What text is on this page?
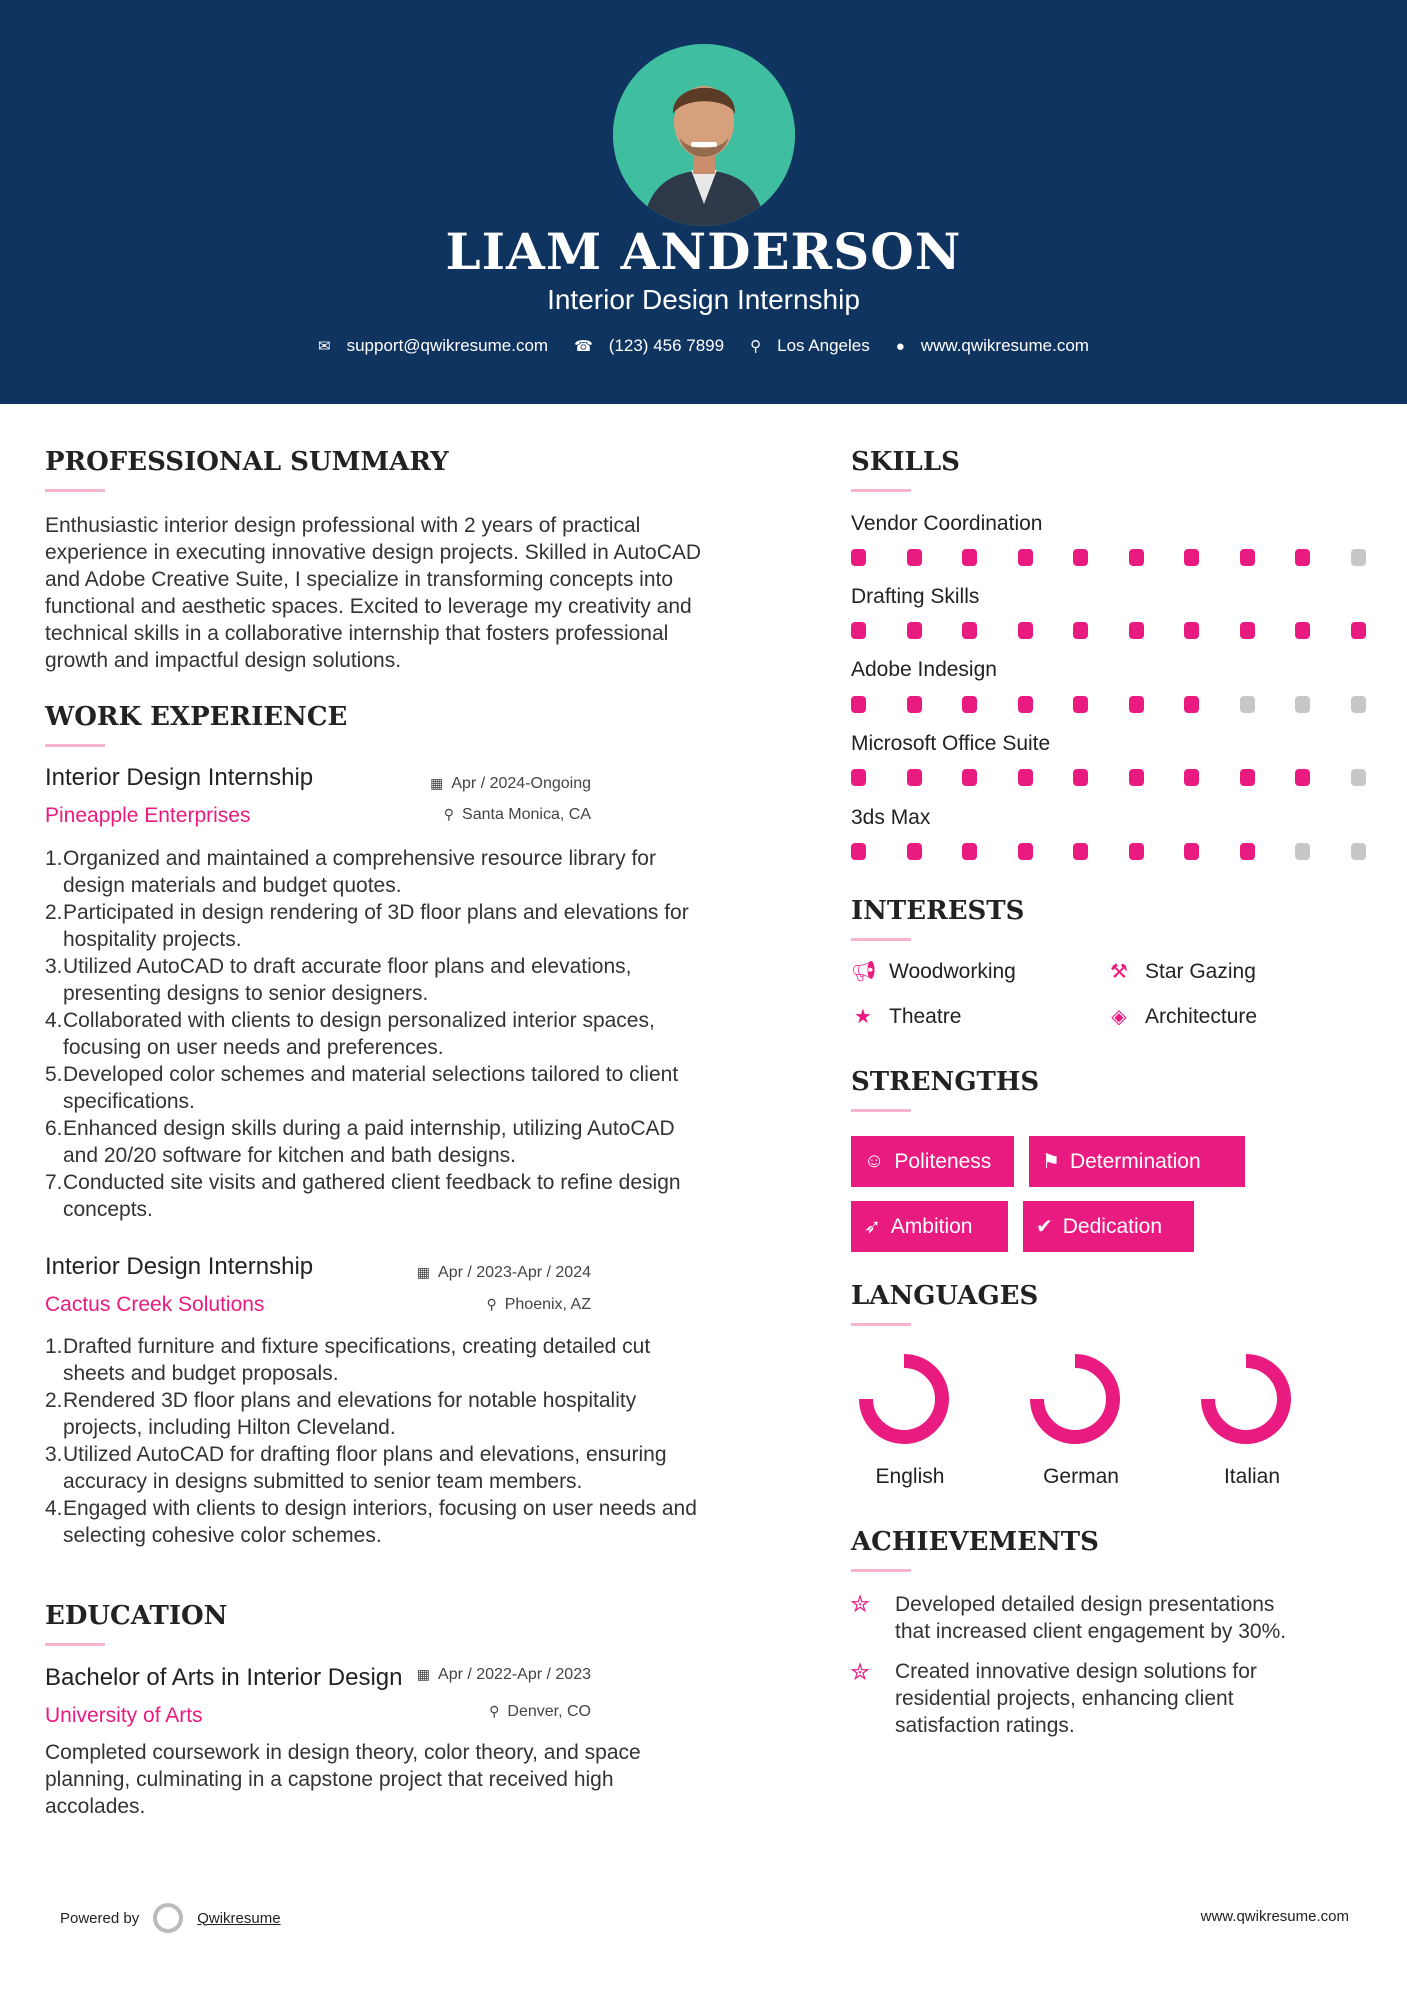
LIAM ANDERSON
Interior Design Internship
✉ support@qwikresume.com ☎ (123) 456 7899 ⚲ Los Angeles ● www.qwikresume.com
PROFESSIONAL SUMMARY
Enthusiastic interior design professional with 2 years of practical
experience in executing innovative design projects. Skilled in AutoCAD
and Adobe Creative Suite, I specialize in transforming concepts into
functional and aesthetic spaces. Excited to leverage my creativity and
technical skills in a collaborative internship that fosters professional
growth and impactful design solutions.
WORK EXPERIENCE
Interior Design Internship
Pineapple Enterprises
▦ Apr / 2024-Ongoing
⚲ Santa Monica, CA
1. Organized and maintained a comprehensive resource library for
design materials and budget quotes.
2. Participated in design rendering of 3D floor plans and elevations for
hospitality projects.
3. Utilized AutoCAD to draft accurate floor plans and elevations,
presenting designs to senior designers.
4. Collaborated with clients to design personalized interior spaces,
focusing on user needs and preferences.
5. Developed color schemes and material selections tailored to client
specifications.
6. Enhanced design skills during a paid internship, utilizing AutoCAD
and 20/20 software for kitchen and bath designs.
7. Conducted site visits and gathered client feedback to refine design
concepts.
Interior Design Internship
Cactus Creek Solutions
▦ Apr / 2023-Apr / 2024
⚲ Phoenix, AZ
1. Drafted furniture and fixture specifications, creating detailed cut
sheets and budget proposals.
2. Rendered 3D floor plans and elevations for notable hospitality
projects, including Hilton Cleveland.
3. Utilized AutoCAD for drafting floor plans and elevations, ensuring
accuracy in designs submitted to senior team members.
4. Engaged with clients to design interiors, focusing on user needs and
selecting cohesive color schemes.
EDUCATION
Bachelor of Arts in Interior Design
University of Arts
▦ Apr / 2022-Apr / 2023
⚲ Denver, CO
Completed coursework in design theory, color theory, and space
planning, culminating in a capstone project that received high
accolades.
SKILLS
Vendor Coordination
Drafting Skills
Adobe Indesign
Microsoft Office Suite
3ds Max
INTERESTS
📢︎ Woodworking	⚒ Star Gazing
★ Theatre	◈ Architecture
STRENGTHS
☺ Politeness	⚑ Determination
➶ Ambition	✔ Dedication
LANGUAGES
English	German	Italian
ACHIEVEMENTS
✮ Developed detailed design presentations
that increased client engagement by 30%.
✮ Created innovative design solutions for
residential projects, enhancing client
satisfaction ratings.
Powered by	Qwikresume	www.qwikresume.com
